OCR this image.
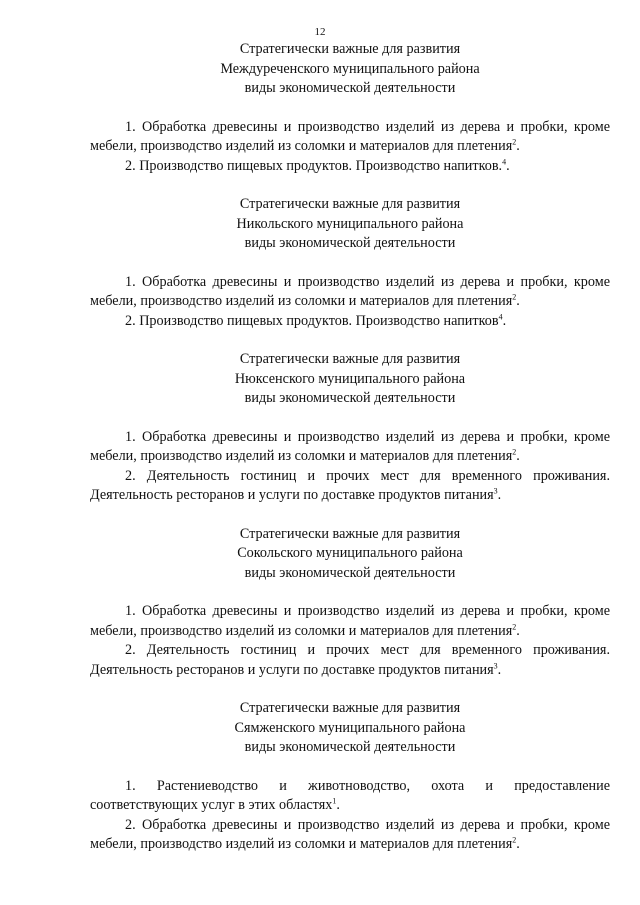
12
Стратегически важные для развития
Междуреченского муниципального района
виды экономической деятельности

1. Обработка древесины и производство изделий из дерева и пробки, кроме мебели, производство изделий из соломки и материалов для плетения$^2$.

2. Производство пищевых продуктов. Производство напитков.$^4$.

Стратегически важные для развития
Никольского муниципального района
виды экономической деятельности

1. Обработка древесины и производство изделий из дерева и пробки, кроме мебели, производство изделий из соломки и материалов для плетения$^2$.

2. Производство пищевых продуктов. Производство напитков$^4$.

Стратегически важные для развития
Нюксенского муниципального района
виды экономической деятельности

1. Обработка древесины и производство изделий из дерева и пробки, кроме мебели, производство изделий из соломки и материалов для плетения$^2$.

2. Деятельность гостиниц и прочих мест для временного проживания. Деятельность ресторанов и услуги по доставке продуктов питания$^3$.

Стратегически важные для развития
Сокольского муниципального района
виды экономической деятельности

1. Обработка древесины и производство изделий из дерева и пробки, кроме мебели, производство изделий из соломки и материалов для плетения$^2$.

2. Деятельность гостиниц и прочих мест для временного проживания. Деятельность ресторанов и услуги по доставке продуктов питания$^3$.

Стратегически важные для развития
Сямженского муниципального района
виды экономической деятельности

1. Растениеводство и животноводство, охота и предоставление соответствующих услуг в этих областях$^1$.

2. Обработка древесины и производство изделий из дерева и пробки, кроме мебели, производство изделий из соломки и материалов для плетения$^2$.
